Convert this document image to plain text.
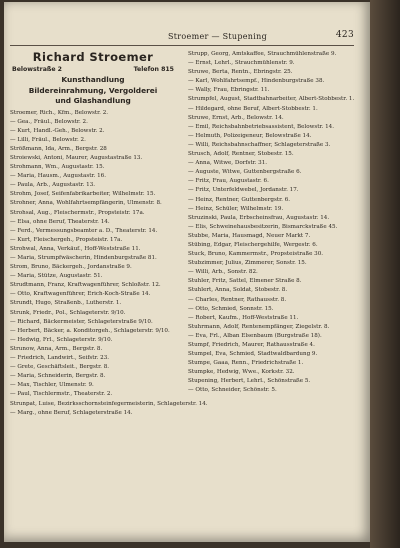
Stroemer — Stupening	423
Richard Stroemer
Belowstraße 2	Telefon 815
Kunsthandlung
Bildereinrahmung, Vergolderei
und Glashandlung
Stroemer, Rich., Kfm., Belowstr. 2.
— Gea., Fräul., Belowstr. 2.
— Kurt, Handl.-Geh., Belowstr. 2.
— Lilli, Fräul., Belowstr. 2.
Strößmann, Ida, Arm., Bergstr. 28
Stroiewski, Antoni, Maurer, Augustastraße 13.
Strohmann, Wm., Augustastr. 15.
— Maria, Hausm., Augustastr. 16.
— Paula, Arb., Augustastr. 13.
Strohm, Josef, Seifenfabrikarbeiter, Wilhelmstr. 15.
Strohner, Anna, Wohlfahrtsempfängerin, Ulmenstr. 8.
Strohsal, Aug., Fleischermstr., Propsteistr. 17a.
— Elsa, ohne Beruf, Theaterstr. 14.
— Ferd., Vermessungsbeamter a. D., Theaterstr. 14.
— Kurt, Fleischergeh., Propsteistr. 17a.
Strohwal, Anna, Verkäuf., Hoff-Weststraße 11.
— Maria, Strumpfwäscherin, Hindenburgstraße 81.
Strom, Bruno, Bäckergeh., Jordanstraße 9.
— Maria, Stütze, Augustastr. 51.
Strudtmann, Franz, Kraftwagenführer, Schloßstr. 12.
— Otto, Kraftwagenführer, Erich-Koch-Straße 14.
Strundt, Hugo, Straßenb., Lutherstr. 1.
Strunk, Friedr., Pol., Schlageterstr. 9/10.
— Richard, Bäckermeister, Schlageterstraße 9/10.
— Herbert, Bäcker, a. Konditorgeh., Schlageterstr. 9/10.
— Hedwig, Frl., Schlageterstr. 9/10.
Strunow, Anna, Arm., Bergstr. 8.
— Friedrich, Landwirt., Seifstr. 23.
— Grete, Geschäftsleit., Bergstr. 8.
— Maria, Schneiderin, Bergstr. 8.
— Max, Tischler, Ulmenstr. 9.
— Paul, Tischlermstr., Theaterstr. 2.
Strunpat, Luise, Bezirksschornsteinfegermeisterin, Schlageterstr. 14.
— Marg., ohne Beruf, Schlageterstraße 14.
Strupp, Georg, Amtskaffee, Strauchmühlenstraße 9.
— Ernst, Lehrl., Strauchmühlenstr. 9.
Struwe, Berta, Rentn., Ebringstr. 25.
— Karl, Wohlfahrtsempf., Hindenburgstraße 38.
— Wally, Frau, Ebringstr. 11.
Strumpfel, August, Stadtbahnarbeiter, Albert-Stobbestr. 1.
— Hildegard, ohne Beruf, Albert-Stobbestr. 1.
Struwe, Ernst, Arb., Belowstr. 14.
— Emil, Reichsbahnbetriebsassistent, Belowstr. 14.
— Helmuth, Polizeigeneur, Belowstraße 14.
— Willi, Reichsbahnschaffner, Schlageterstraße 3.
Strusch, Adolf, Rentner, Stobestr. 15.
— Anna, Witwe, Dorfstr. 31.
— Auguste, Witwe, Guttenbergstraße 6.
— Fritz, Frau, Augustastr. 6.
— Fritz, Unterfeldwebel, Jordanstr. 17.
— Heinz, Rentner, Guttenbergstr. 6.
— Heinz, Schüler, Wilhelmstr. 19.
Struzinski, Paula, Erbscheinsfrau, Augustastr. 14.
— Elis, Schweinehausbesitzerin, Bismarckstraße 45.
Stubbe, Maria, Hausmagd, Neuer Markt 7.
Stübing, Edgar, Fleischergehilfe, Wergestr. 6.
Stuck, Bruno, Kammermstr., Propsteistraße 30.
Stubzimmer, Julius, Zimmerer, Sonstr. 15.
— Willi, Arb., Sonstr. 82.
Stuhler, Fritz, Sattel, Elmener Straße 8.
Stuhlert, Anna, Soldat, Stobestr. 8.
— Charles, Rentner, Rathausstr. 8.
— Otto, Schmied, Sonnstr. 15.
— Robert, Kaufm., Hoff-Weststraße 11.
Stuhrmann, Adolf, Rentenempfänger, Ziegelstr. 8.
— Eva, Frl., Alban Elsenbaum (Burgstraße 18).
Stumpf, Friedrich, Maurer, Rathausstraße 4.
Stumpel, Eva, Schmied, Stadtwaldbardung 9.
Stumpe, Gaaa, Renn., Friedrichstraße 1.
Stumpke, Hedwig, Wwe., Korkstr. 32.
Stupening, Herbert, Lehrl., Schönstraße 5.
— Otto, Schneider, Schönstr. 5.
